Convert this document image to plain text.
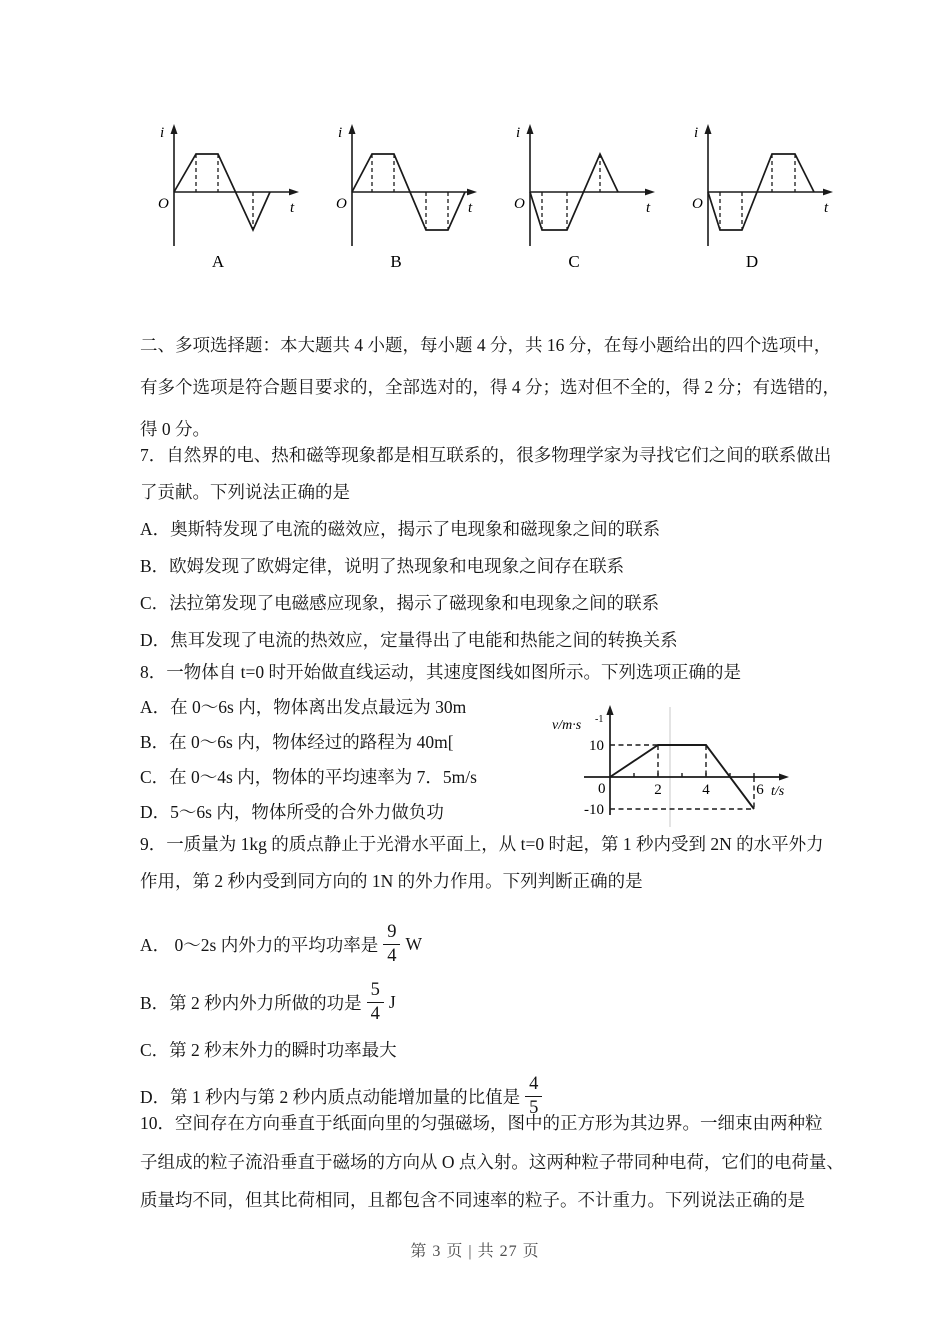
i
O	t
A
i
O	t
B
i
O	t
C
i
O	t
D
二、多项选择题：本大题共 4 小题，每小题 4 分，共 16 分，在每小题给出的四个选项中，
有多个选项是符合题目要求的，全部选对的，得 4 分；选对但不全的，得 2 分；有选错的，
得 0 分。
7．自然界的电、热和磁等现象都是相互联系的，很多物理学家为寻找它们之间的联系做出
了贡献。下列说法正确的是
A．奥斯特发现了电流的磁效应，揭示了电现象和磁现象之间的联系
B．欧姆发现了欧姆定律，说明了热现象和电现象之间存在联系
C．法拉第发现了电磁感应现象，揭示了磁现象和电现象之间的联系
D．焦耳发现了电流的热效应，定量得出了电能和热能之间的转换关系
8．一物体自 t=0 时开始做直线运动，其速度图线如图所示。下列选项正确的是
A．在 0～6s 内，物体离出发点最远为 30m
B．在 0～6s 内，物体经过的路程为 40m[
C．在 0～4s 内，物体的平均速率为 7．5m/s
D．5～6s 内，物体所受的合外力做负功
v/m·s -1
10
-10
0	2	4	6 t/s
9．一质量为 1kg 的质点静止于光滑水平面上，从 t=0 时起，第 1 秒内受到 2N 的水平外力
作用，第 2 秒内受到同方向的 1N 的外力作用。下列判断正确的是
A． 0～2s 内外力的平均功率是 $\frac{9}{4}$ W
B．第 2 秒内外力所做的功是 $\frac{5}{4}$ J
C．第 2 秒末外力的瞬时功率最大
D．第 1 秒内与第 2 秒内质点动能增加量的比值是 $\frac{4}{5}$
10．空间存在方向垂直于纸面向里的匀强磁场，图中的正方形为其边界。一细束由两种粒
子组成的粒子流沿垂直于磁场的方向从 O 点入射。这两种粒子带同种电荷，它们的电荷量、
质量均不同，但其比荷相同，且都包含不同速率的粒子。不计重力。下列说法正确的是
第 3 页 | 共 27 页
